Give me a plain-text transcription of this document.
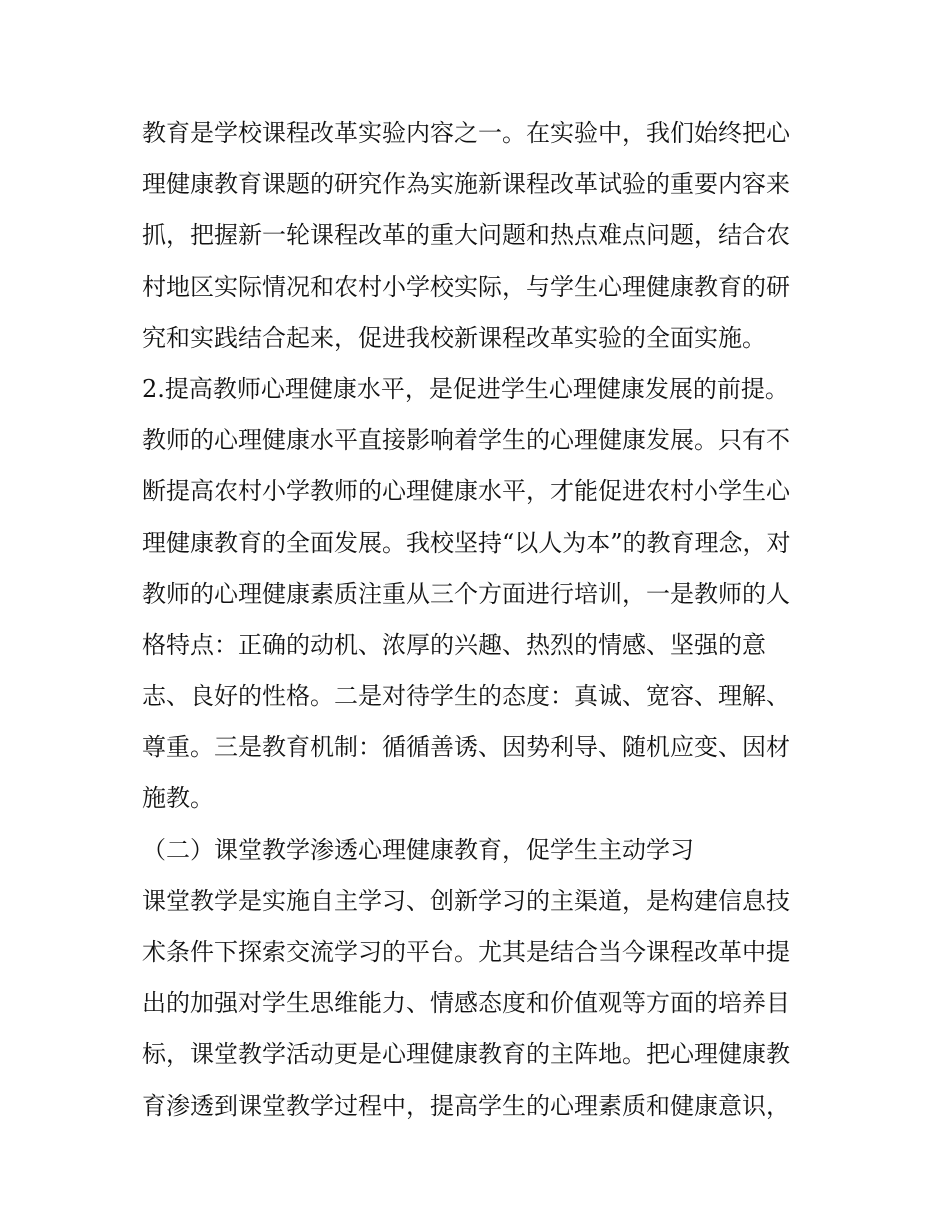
教育是学校课程改革实验内容之一。在实验中，我们始终把心
理健康教育课题的研究作為实施新课程改革试验的重要内容来
抓，把握新一轮课程改革的重大问题和热点难点问题，结合农
村地区实际情况和农村小学校实际，与学生心理健康教育的研
究和实践结合起来，促进我校新课程改革实验的全面实施。
2.提高教师心理健康水平，是促进学生心理健康发展的前提。
教师的心理健康水平直接影响着学生的心理健康发展。只有不
断提高农村小学教师的心理健康水平，才能促进农村小学生心
理健康教育的全面发展。我校坚持“以人为本”的教育理念，对
教师的心理健康素质注重从三个方面进行培训，一是教师的人
格特点：正确的动机、浓厚的兴趣、热烈的情感、坚强的意
志、良好的性格。二是对待学生的态度：真诚、宽容、理解、
尊重。三是教育机制：循循善诱、因势利导、随机应变、因材
施教。
（二）课堂教学渗透心理健康教育，促学生主动学习
课堂教学是实施自主学习、创新学习的主渠道，是构建信息技
术条件下探索交流学习的平台。尤其是结合当今课程改革中提
出的加强对学生思维能力、情感态度和价值观等方面的培养目
标，课堂教学活动更是心理健康教育的主阵地。把心理健康教
育渗透到课堂教学过程中，提高学生的心理素质和健康意识，
